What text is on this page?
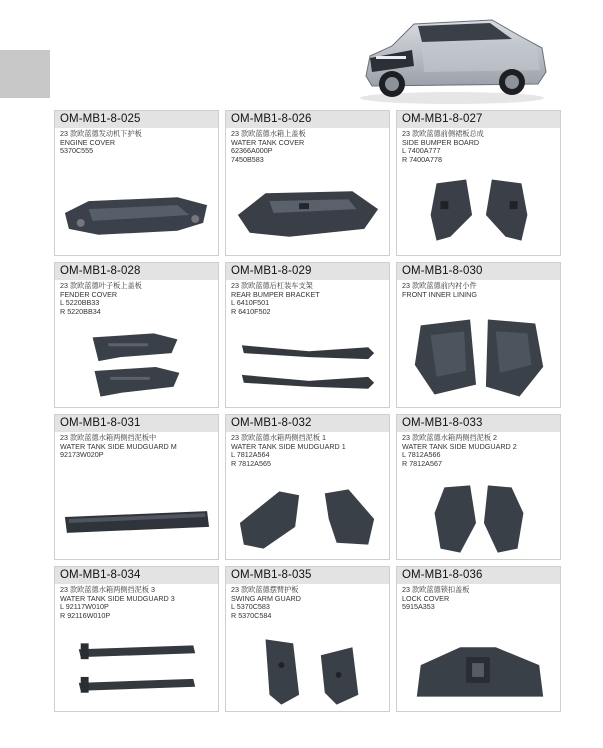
OM-MB1-8-025
23 款欧蓝德发动机下护板
ENGINE COVER
5370C555
OM-MB1-8-026
23 款欧蓝德水箱上盖板
WATER TANK COVER
62366A000P
7450B583
OM-MB1-8-027
23 款欧蓝德前侧裙板总成
SIDE BUMPER BOARD
L 7400A777
R 7400A778
OM-MB1-8-028
23 款欧蓝德叶子板上盖板
FENDER COVER
L 5220BB33
R 5220BB34
OM-MB1-8-029
23 款欧蓝德后杠装车支架
REAR BUMPER BRACKET
L 6410F501
R 6410F502
OM-MB1-8-030
23 款欧蓝德前内衬小件
FRONT INNER LINING
OM-MB1-8-031
23 款欧蓝德水箱两侧挡泥板中
WATER TANK SIDE MUDGUARD M
92173W020P
OM-MB1-8-032
23 款欧蓝德水箱两侧挡泥板 1
WATER TANK SIDE MUDGUARD 1
L 7812A564
R 7812A565
OM-MB1-8-033
23 款欧蓝德水箱两侧挡泥板 2
WATER TANK SIDE MUDGUARD 2
L 7812A566
R 7812A567
OM-MB1-8-034
23 款欧蓝德水箱两侧挡泥板 3
WATER TANK SIDE MUDGUARD 3
L 92117W010P
R 92116W010P
OM-MB1-8-035
23 款欧蓝德摆臂护板
SWING ARM GUARD
L 5370C583
R 5370C584
OM-MB1-8-036
23 款欧蓝德锁扣盖板
LOCK COVER
5915A353
